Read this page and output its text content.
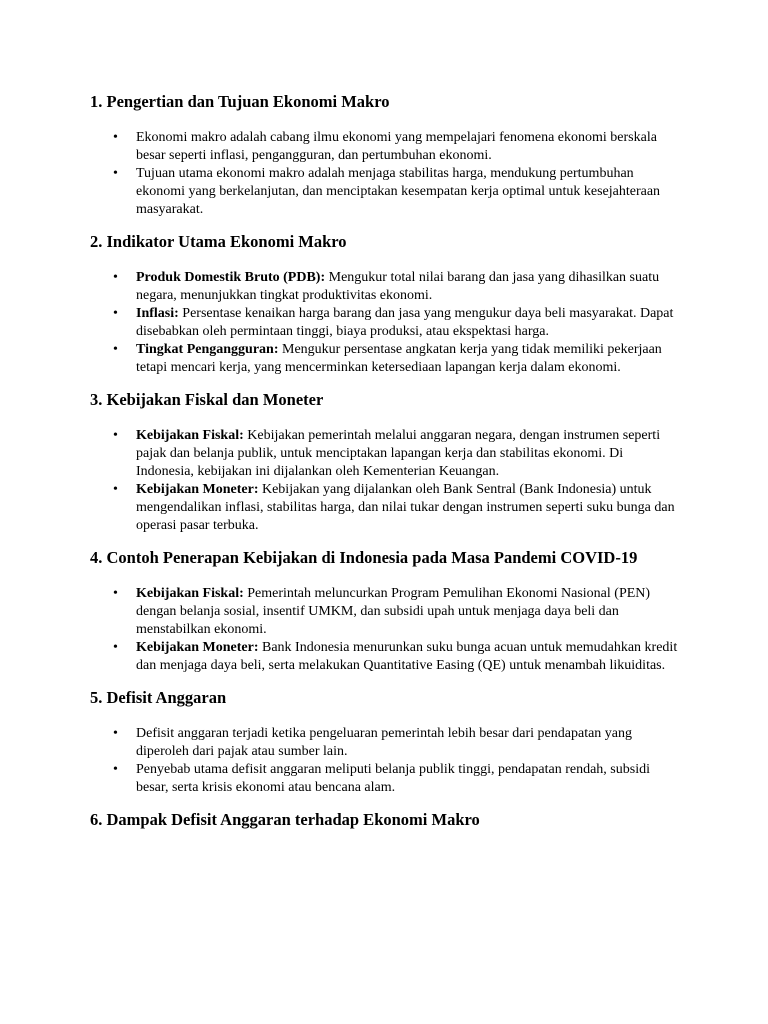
1. Pengertian dan Tujuan Ekonomi Makro
• Ekonomi makro adalah cabang ilmu ekonomi yang mempelajari fenomena ekonomi berskala besar seperti inflasi, pengangguran, dan pertumbuhan ekonomi.
• Tujuan utama ekonomi makro adalah menjaga stabilitas harga, mendukung pertumbuhan ekonomi yang berkelanjutan, dan menciptakan kesempatan kerja optimal untuk kesejahteraan masyarakat.
2. Indikator Utama Ekonomi Makro
• Produk Domestik Bruto (PDB): Mengukur total nilai barang dan jasa yang dihasilkan suatu negara, menunjukkan tingkat produktivitas ekonomi.
• Inflasi: Persentase kenaikan harga barang dan jasa yang mengukur daya beli masyarakat. Dapat disebabkan oleh permintaan tinggi, biaya produksi, atau ekspektasi harga.
• Tingkat Pengangguran: Mengukur persentase angkatan kerja yang tidak memiliki pekerjaan tetapi mencari kerja, yang mencerminkan ketersediaan lapangan kerja dalam ekonomi.
3. Kebijakan Fiskal dan Moneter
• Kebijakan Fiskal: Kebijakan pemerintah melalui anggaran negara, dengan instrumen seperti pajak dan belanja publik, untuk menciptakan lapangan kerja dan stabilitas ekonomi. Di Indonesia, kebijakan ini dijalankan oleh Kementerian Keuangan.
• Kebijakan Moneter: Kebijakan yang dijalankan oleh Bank Sentral (Bank Indonesia) untuk mengendalikan inflasi, stabilitas harga, dan nilai tukar dengan instrumen seperti suku bunga dan operasi pasar terbuka.
4. Contoh Penerapan Kebijakan di Indonesia pada Masa Pandemi COVID-19
• Kebijakan Fiskal: Pemerintah meluncurkan Program Pemulihan Ekonomi Nasional (PEN) dengan belanja sosial, insentif UMKM, dan subsidi upah untuk menjaga daya beli dan menstabilkan ekonomi.
• Kebijakan Moneter: Bank Indonesia menurunkan suku bunga acuan untuk memudahkan kredit dan menjaga daya beli, serta melakukan Quantitative Easing (QE) untuk menambah likuiditas.
5. Defisit Anggaran
• Defisit anggaran terjadi ketika pengeluaran pemerintah lebih besar dari pendapatan yang diperoleh dari pajak atau sumber lain.
• Penyebab utama defisit anggaran meliputi belanja publik tinggi, pendapatan rendah, subsidi besar, serta krisis ekonomi atau bencana alam.
6. Dampak Defisit Anggaran terhadap Ekonomi Makro
